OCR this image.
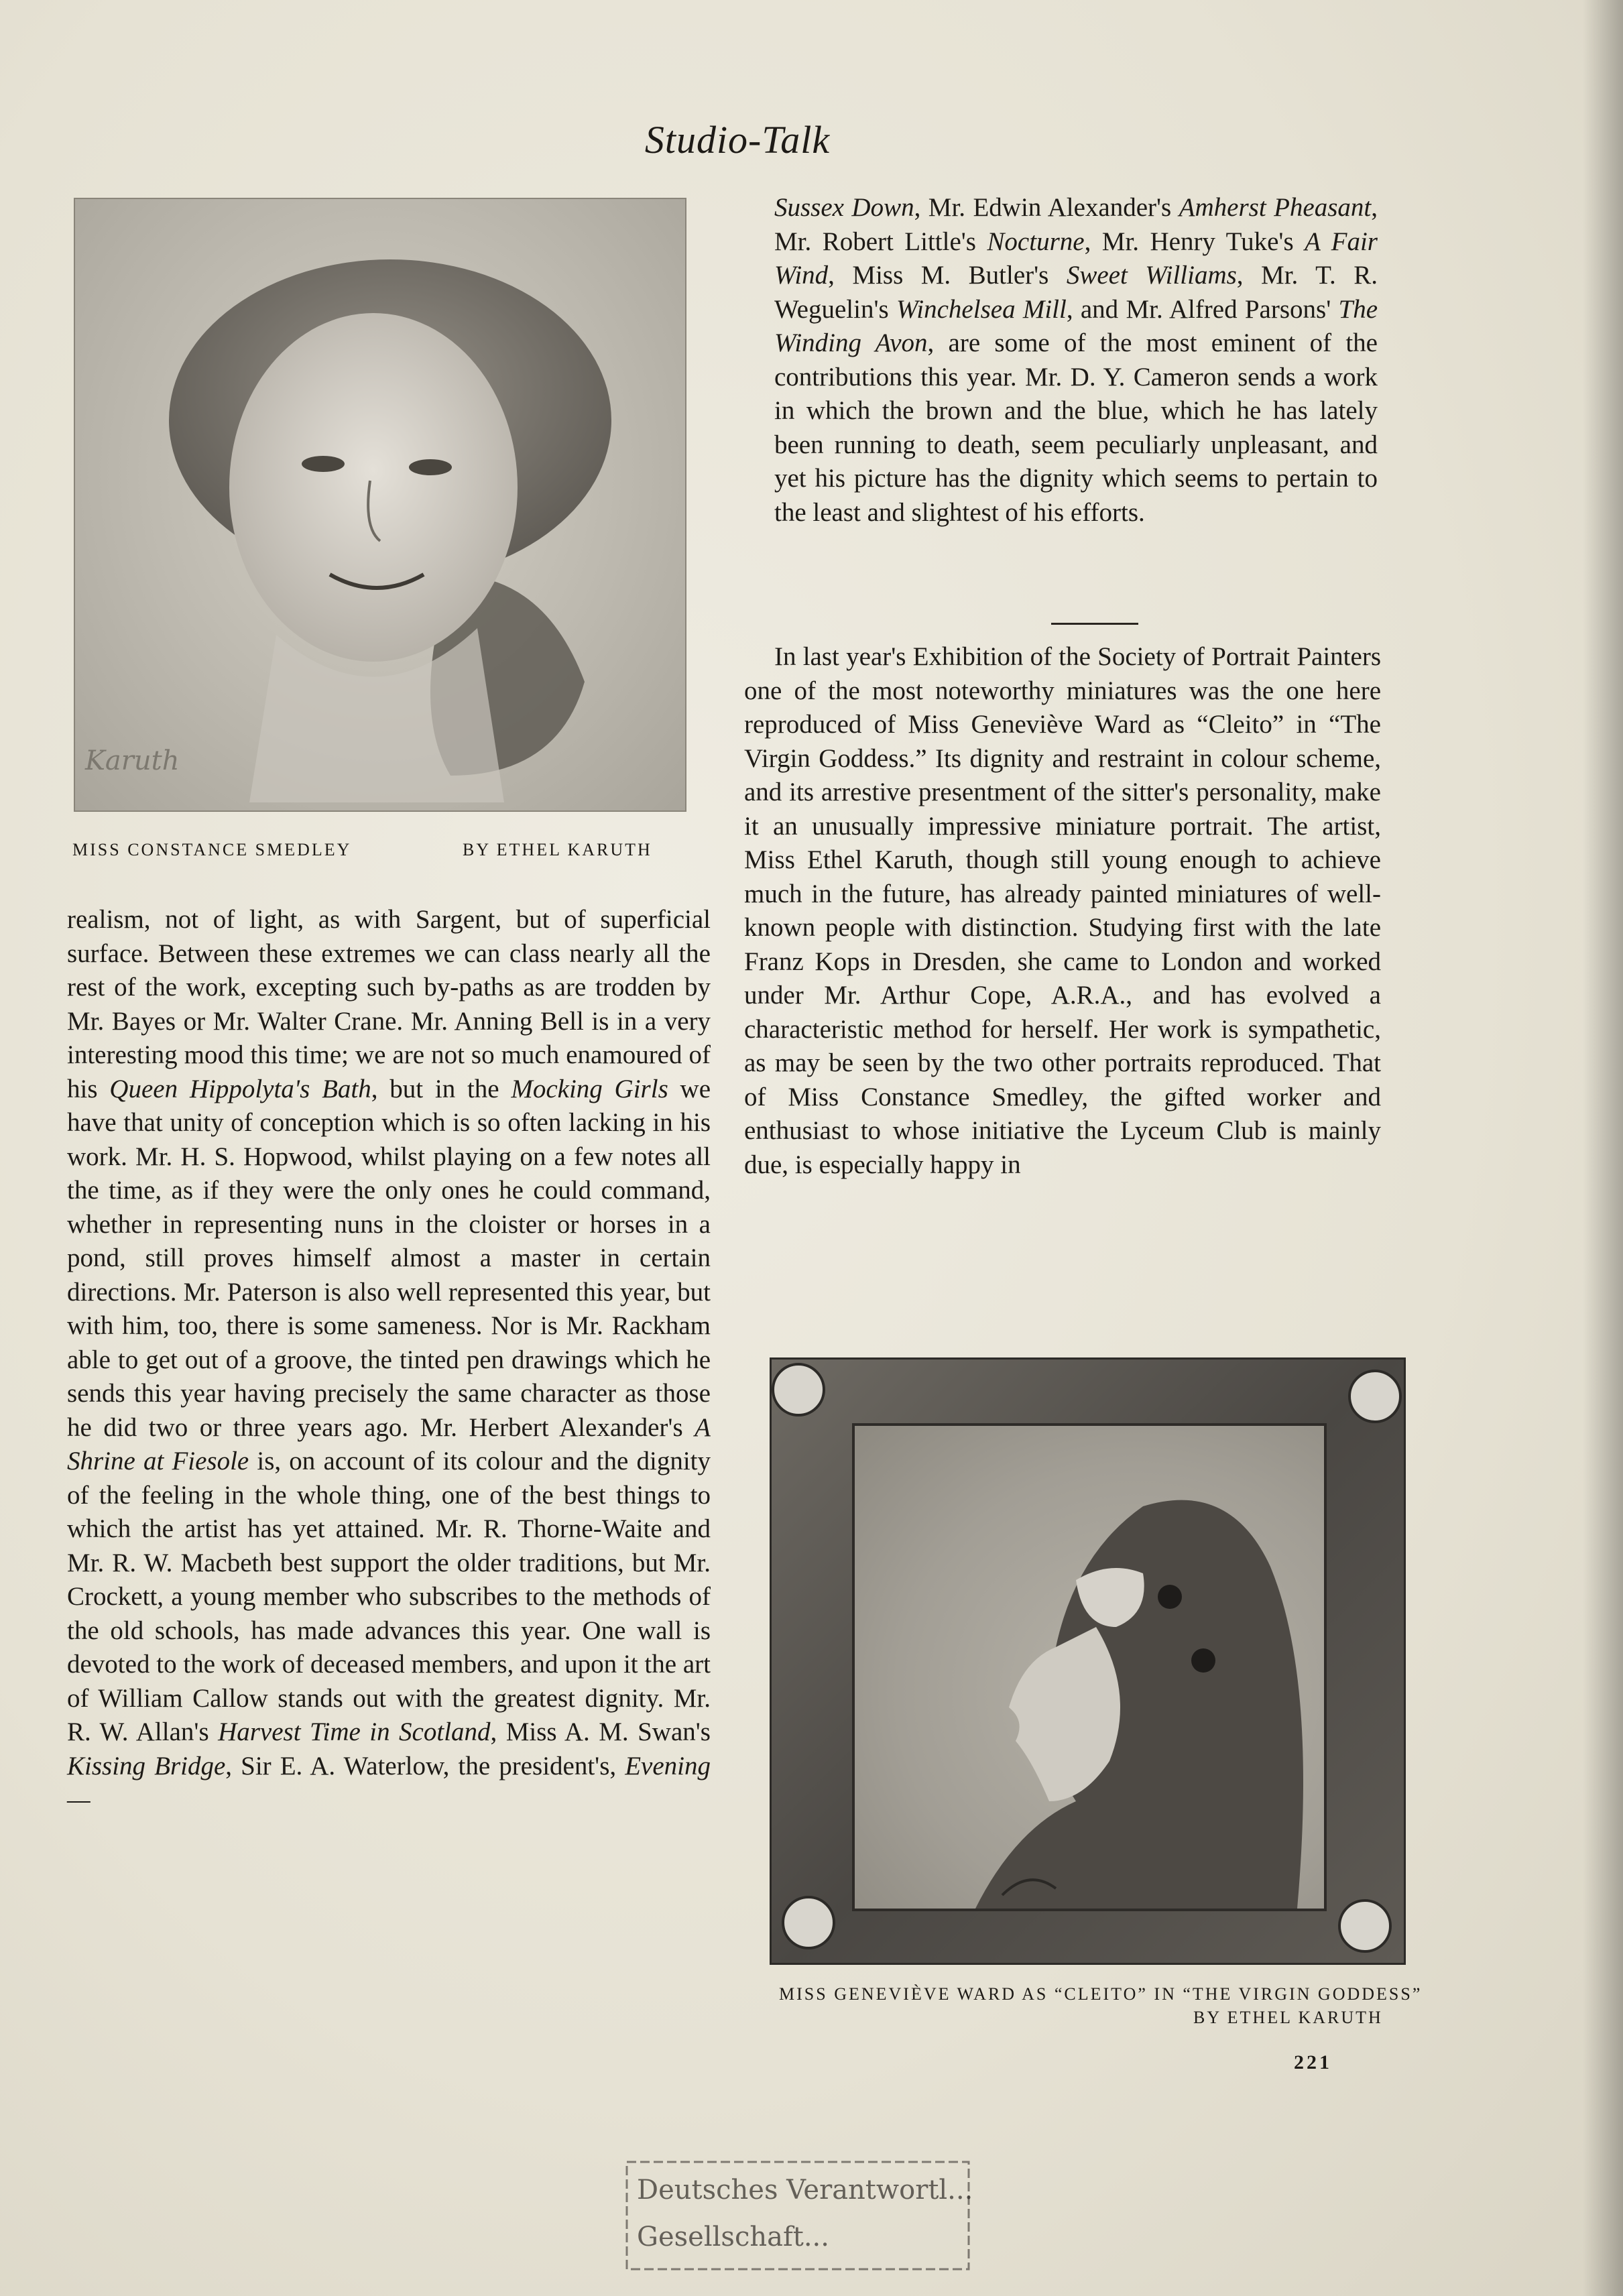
Studio-Talk
Karuth
MISS CONSTANCE SMEDLEY	BY ETHEL KARUTH

Sussex Down, Mr. Edwin Alexander's Amherst Pheasant, Mr. Robert Little's Nocturne, Mr. Henry Tuke's A Fair Wind, Miss M. Butler's Sweet Williams, Mr. T. R. Weguelin's Winchelsea Mill, and Mr. Alfred Parsons' The Winding Avon, are some of the most eminent of the contributions this year. Mr. D. Y. Cameron sends a work in which the brown and the blue, which he has lately been running to death, seem peculiarly unpleasant, and yet his picture has the dignity which seems to pertain to the least and slightest of his efforts.

In last year's Exhibition of the Society of Portrait Painters one of the most noteworthy miniatures was the one here reproduced of Miss Geneviève Ward as “Cleito” in “The Virgin Goddess.” Its dignity and restraint in colour scheme, and its arrestive presentment of the sitter's personality, make it an unusually impressive miniature portrait. The artist, Miss Ethel Karuth, though still young enough to achieve much in the future, has already painted miniatures of well-known people with distinction. Studying first with the late Franz Kops in Dresden, she came to London and worked under Mr. Arthur Cope, A.R.A., and has evolved a characteristic method for herself. Her work is sympathetic, as may be seen by the two other portraits reproduced. That of Miss Constance Smedley, the gifted worker and enthusiast to whose initiative the Lyceum Club is mainly due, is especially happy in

realism, not of light, as with Sargent, but of superficial surface. Between these extremes we can class nearly all the rest of the work, excepting such by-paths as are trodden by Mr. Bayes or Mr. Walter Crane. Mr. Anning Bell is in a very interesting mood this time; we are not so much enamoured of his Queen Hippolyta's Bath, but in the Mocking Girls we have that unity of conception which is so often lacking in his work. Mr. H. S. Hopwood, whilst playing on a few notes all the time, as if they were the only ones he could command, whether in representing nuns in the cloister or horses in a pond, still proves himself almost a master in certain directions. Mr. Paterson is also well represented this year, but with him, too, there is some sameness. Nor is Mr. Rackham able to get out of a groove, the tinted pen drawings which he sends this year having precisely the same character as those he did two or three years ago. Mr. Herbert Alexander's A Shrine at Fiesole is, on account of its colour and the dignity of the feeling in the whole thing, one of the best things to which the artist has yet attained. Mr. R. Thorne-Waite and Mr. R. W. Macbeth best support the older traditions, but Mr. Crockett, a young member who subscribes to the methods of the old schools, has made advances this year. One wall is devoted to the work of deceased members, and upon it the art of William Callow stands out with the greatest dignity. Mr. R. W. Allan's Harvest Time in Scotland, Miss A. M. Swan's Kissing Bridge, Sir E. A. Waterlow, the president's, Evening—

MISS GENEVIÈVE WARD AS “CLEITO” IN “THE VIRGIN GODDESS”
BY ETHEL KARUTH
221
Deutsches Verantwortl...
Gesellschaft...
